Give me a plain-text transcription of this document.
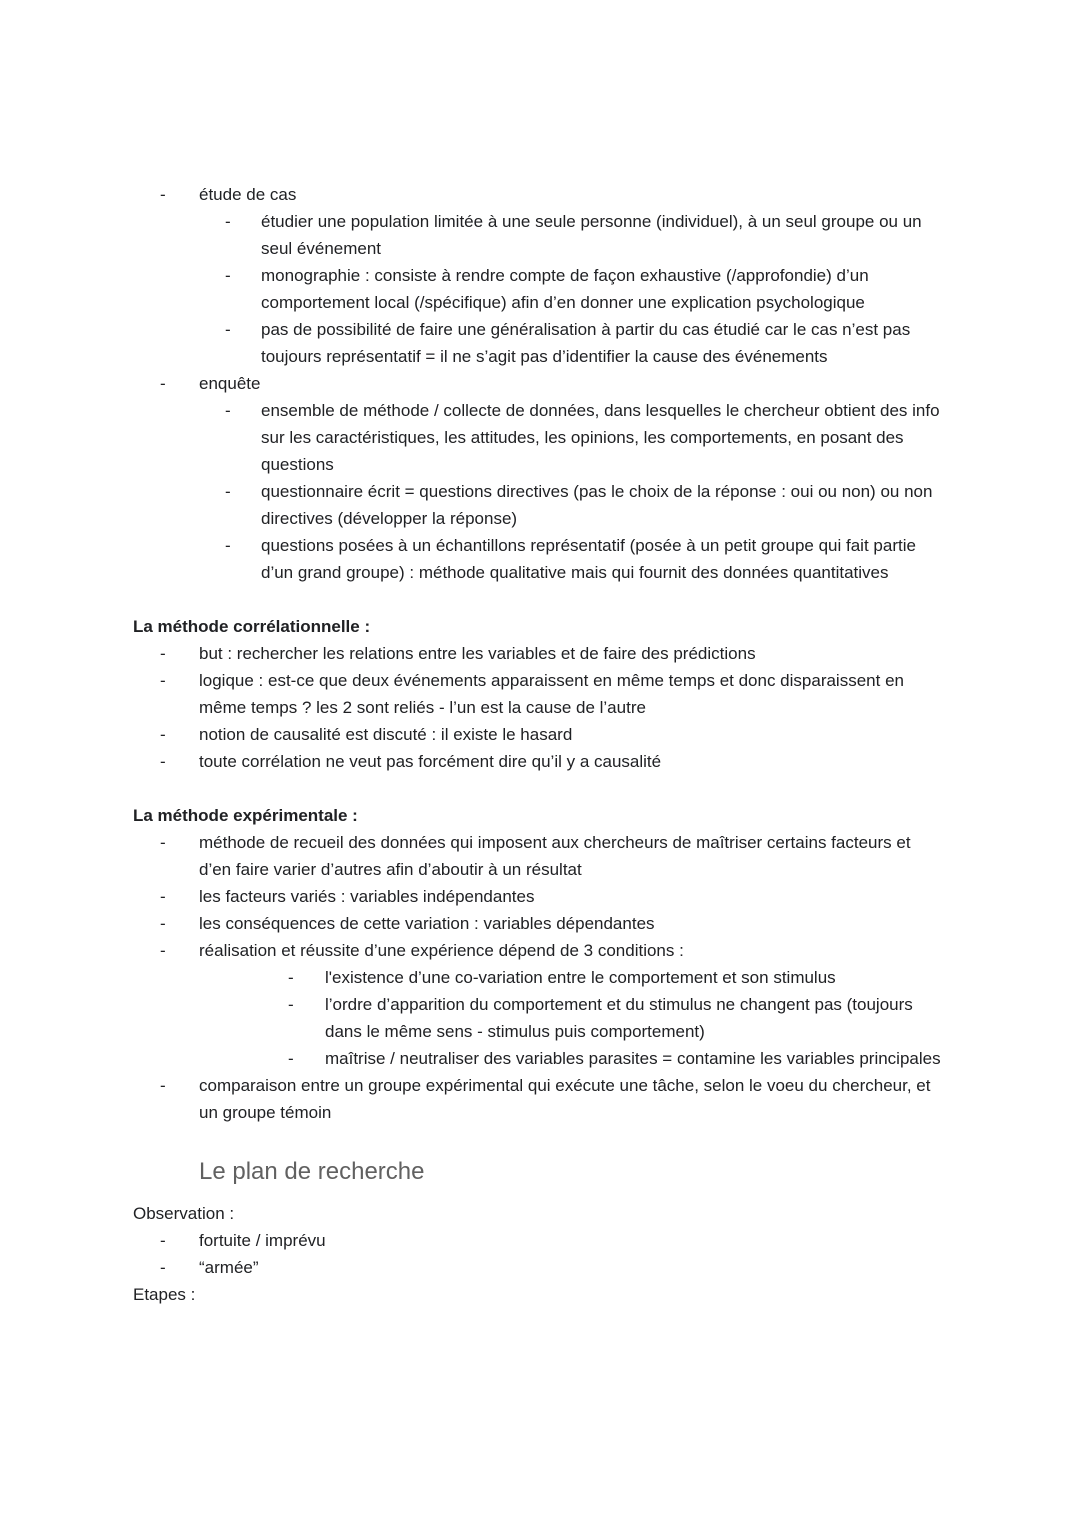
-	étude de cas
-	étudier une population limitée à une seule personne (individuel), à un seul groupe ou un seul événement
-	monographie : consiste à rendre compte de façon exhaustive (/approfondie) d’un comportement local (/spécifique) afin d’en donner une explication psychologique
-	pas de possibilité de faire une généralisation à partir du cas étudié car le cas n’est pas toujours représentatif = il ne s’agit pas d’identifier la cause des événements
-	enquête
-	ensemble de méthode / collecte de données, dans lesquelles le chercheur obtient des info sur les caractéristiques, les attitudes, les opinions, les comportements, en posant des questions
-	questionnaire écrit = questions directives (pas le choix de la réponse : oui ou non) ou non directives (développer la réponse)
-	questions posées à un échantillons représentatif (posée à un petit groupe qui fait partie d’un grand groupe) : méthode qualitative mais qui fournit des données quantitatives
La méthode corrélationnelle :
-	but : rechercher les relations entre les variables et de faire des prédictions
-	logique : est-ce que deux événements apparaissent en même temps et donc disparaissent en même temps ? les 2 sont reliés - l’un est la cause de l’autre
-	notion de causalité est discuté : il existe le hasard
-	toute corrélation ne veut pas forcément dire qu’il y a causalité
La méthode expérimentale :
-	méthode de recueil des données qui imposent aux chercheurs de maîtriser certains facteurs et d’en faire varier d’autres afin d’aboutir à un résultat
-	les facteurs variés : variables indépendantes
-	les conséquences de cette variation : variables dépendantes
-	réalisation et réussite d’une expérience dépend de 3 conditions :
-	l'existence d’une co-variation entre le comportement et son stimulus
-	l’ordre d’apparition du comportement et du stimulus ne changent pas (toujours dans le même sens - stimulus puis comportement)
-	maîtrise / neutraliser des variables parasites = contamine les variables principales
-	comparaison entre un groupe expérimental qui exécute une tâche, selon le voeu du chercheur, et un groupe témoin
Le plan de recherche
Observation :
-	fortuite / imprévu
-	“armée”
Etapes :
